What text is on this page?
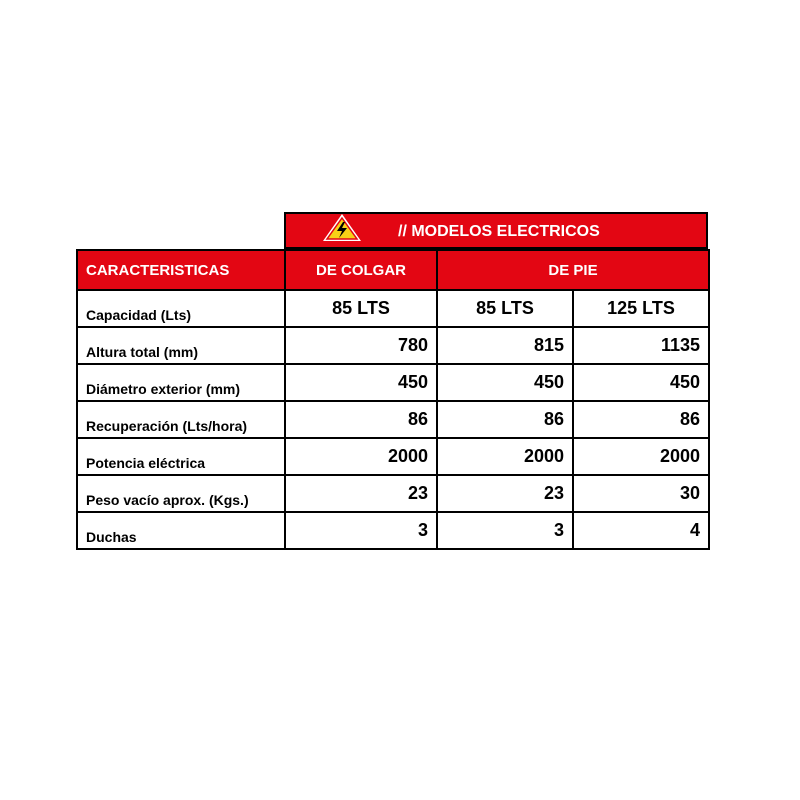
// MODELOS ELECTRICOS
CARACTERISTICAS	DE COLGAR	DE PIE	
Capacidad (Lts)	85 LTS	85 LTS	125 LTS
Altura total (mm)	780	815	1135
Diámetro exterior (mm)	450	450	450
Recuperación (Lts/hora)	86	86	86
Potencia eléctrica	2000	2000	2000
Peso vacío aprox. (Kgs.)	23	23	30
Duchas	3	3	4
